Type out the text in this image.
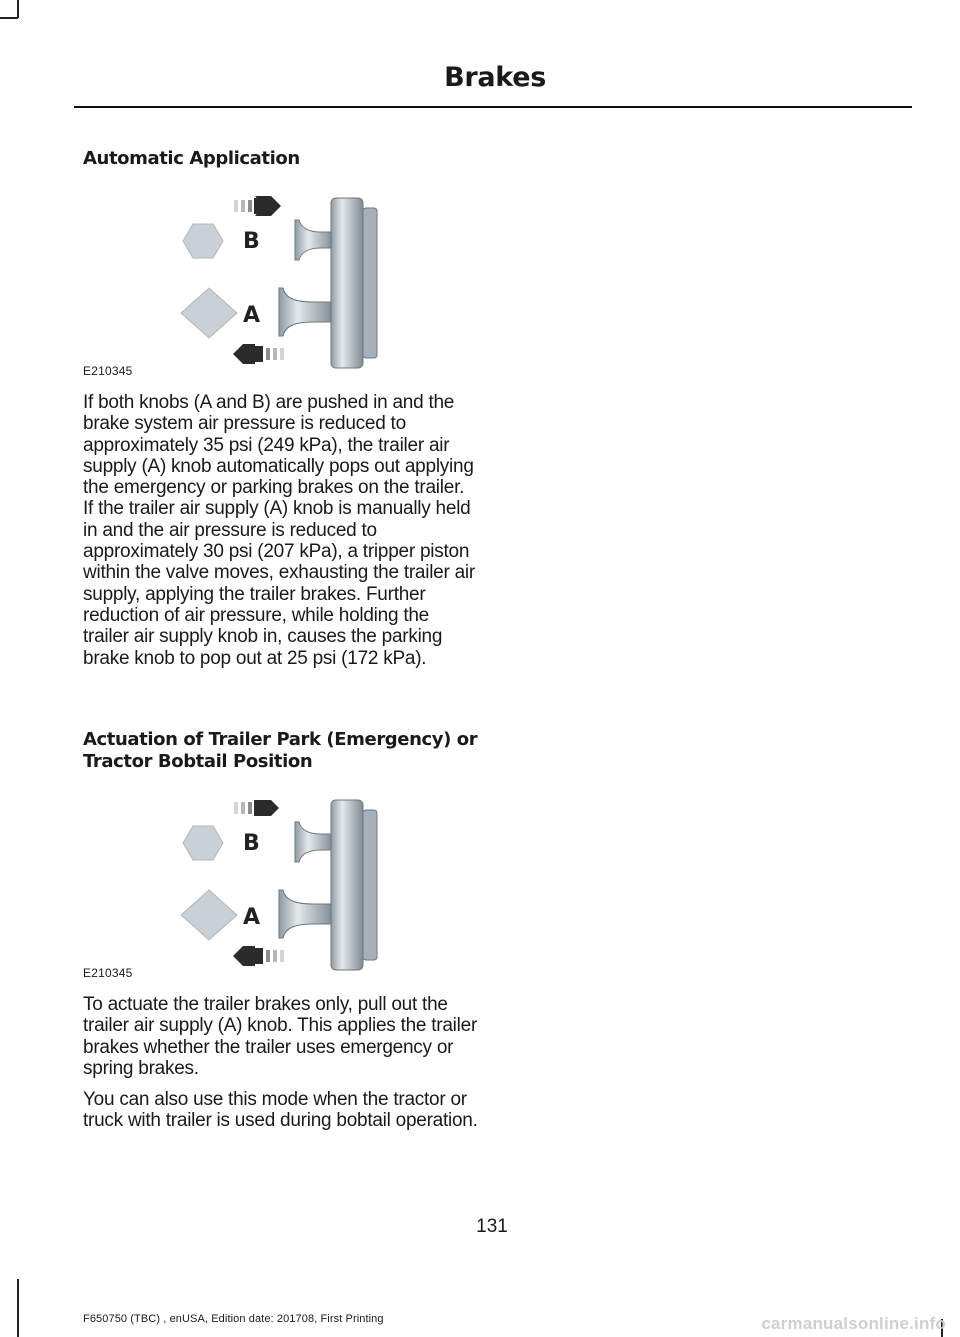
Brakes
Automatic Application
B
A
E210345

If both knobs (A and B) are pushed in and the brake system air pressure is reduced to approximately 35 psi (249 kPa), the trailer air supply (A) knob automatically pops out applying the emergency or parking brakes on the trailer. If the trailer air supply (A) knob is manually held in and the air pressure is reduced to approximately 30 psi (207 kPa), a tripper piston within the valve moves, exhausting the trailer air supply, applying the trailer brakes. Further reduction of air pressure, while holding the trailer air supply knob in, causes the parking brake knob to pop out at 25 psi (172 kPa).

Actuation of Trailer Park (Emergency) or Tractor Bobtail Position
B
A
E210345

To actuate the trailer brakes only, pull out the trailer air supply (A) knob. This applies the trailer brakes whether the trailer uses emergency or spring brakes.

You can also use this mode when the tractor or truck with trailer is used during bobtail operation.

131
F650750 (TBC) , enUSA, Edition date: 201708, First Printing	carmanualsonline.info
